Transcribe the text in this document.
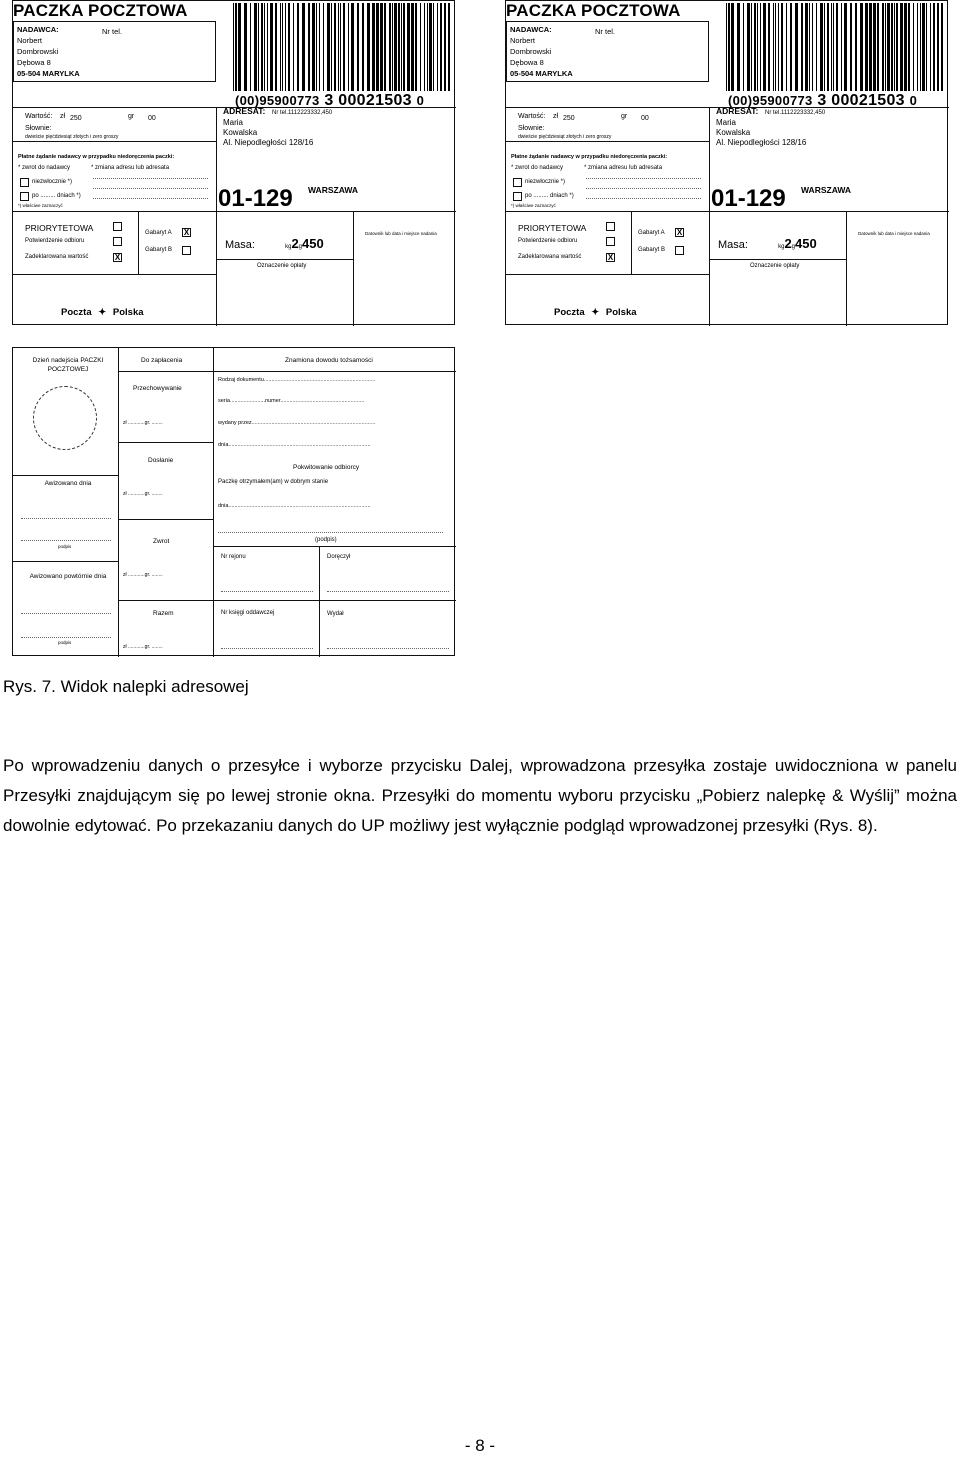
PACZKA POCZTOWA
NADAWCA:	Nr tel.
Norbert
Dombrowski
Dębowa 8
05-504 MARYLKA
(00)95900773 3 00021503 0
Wartość: zł 250	gr 00
Słownie:
dwieście pięćdziesiąt złotych i zero groszy
Płatne żądanie nadawcy w przypadku niedoręczenia paczki:
* zwrot do nadawcy	* zmiana adresu lub adresata
niezwłocznie *)
po ......... dniach *)
*) właściwe zaznaczyć
ADRESAT: Nr tel.1112223332,450
Maria
Kowalska
Al. Niepodległości 128/16
01-129 WARSZAWA
PRIORYTETOWA
Potwierdzenie odbioru
Zadeklarowana wartość	X
Gabaryt A X
Gabaryt B	Masa:	kg2g450
Oznaczenie opłaty
Datownik lub data i miejsce nadania
Poczta ✦ Polska
PACZKA POCZTOWA
NADAWCA:	Nr tel.
Norbert
Dombrowski
Dębowa 8
05-504 MARYLKA
(00)95900773 3 00021503 0
Wartość: zł 250	gr 00
Słownie:
dwieście pięćdziesiąt złotych i zero groszy
Płatne żądanie nadawcy w przypadku niedoręczenia paczki:
* zwrot do nadawcy	* zmiana adresu lub adresata
niezwłocznie *)
po ......... dniach *)
*) właściwe zaznaczyć
ADRESAT: Nr tel.1112223332,450
Maria
Kowalska
Al. Niepodległości 128/16
01-129 WARSZAWA
PRIORYTETOWA
Potwierdzenie odbioru
Zadeklarowana wartość	X
Gabaryt A X
Gabaryt B	Masa:	kg2g450
Oznaczenie opłaty
Datownik lub data i miejsce nadania
Poczta ✦ Polska
Dzień nadejścia PACZKI POCZTOWEJ
Awizowano dnia
podpis
Awizowano powtórnie dnia
podpis
Do zapłacenia
Przechowywanie
zł ............gr. ........
Dosłanie
zł ............gr. ........
Zwrot
zł ............gr. ........
Razem
zł ............gr. ........
Znamiona dowodu tożsamości
Rodzaj dokumentu.........................................................................
seria.......................numer.......................................................
wydany przez.................................................................................
dnia.............................................................................................
Pokwitowanie odbiorcy
Paczkę otrzymałem(am) w dobrym stanie
dnia.............................................................................................
(podpis)
Nr rejonu	Doręczył
Nr księgi oddawczej	Wydał
Rys. 7. Widok nalepki adresowej

Po wprowadzeniu danych o przesyłce i wyborze przycisku Dalej, wprowadzona przesyłka zostaje uwidoczniona w panelu Przesyłki znajdującym się po lewej stronie okna. Przesyłki do momentu wyboru przycisku „Pobierz nalepkę & Wyślij” można dowolnie edytować. Po przekazaniu danych do UP możliwy jest wyłącznie podgląd wprowadzonej przesyłki (Rys. 8).

- 8 -
